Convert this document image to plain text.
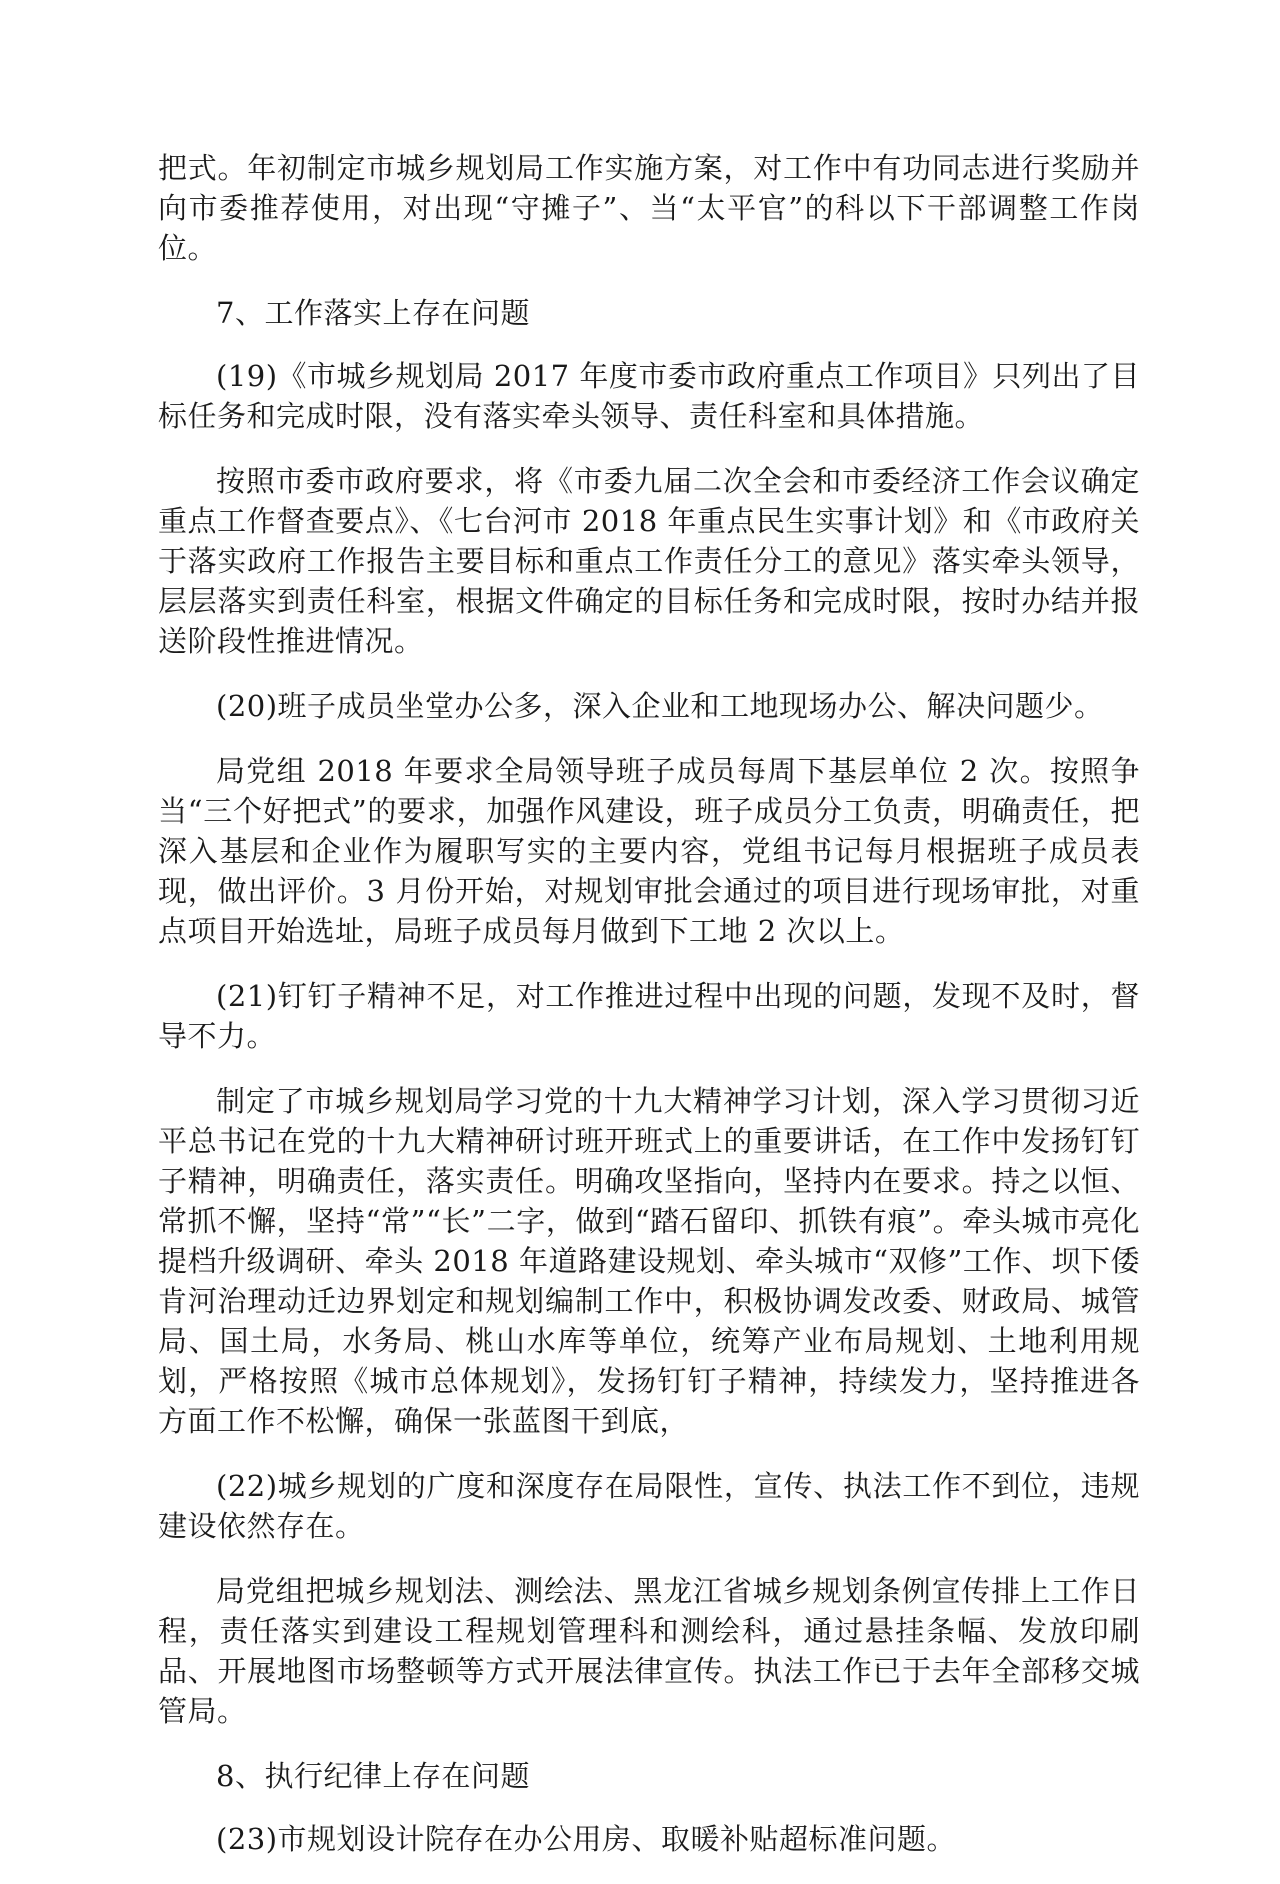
把式。年初制定市城乡规划局工作实施方案，对工作中有功同志进行奖励并向市委推荐使用，对出现“守摊子”、当“太平官”的科以下干部调整工作岗位。

7、工作落实上存在问题

(19)《市城乡规划局 2017 年度市委市政府重点工作项目》只列出了目标任务和完成时限，没有落实牵头领导、责任科室和具体措施。

按照市委市政府要求，将《市委九届二次全会和市委经济工作会议确定重点工作督查要点》、《七台河市 2018 年重点民生实事计划》和《市政府关于落实政府工作报告主要目标和重点工作责任分工的意见》落实牵头领导，层层落实到责任科室，根据文件确定的目标任务和完成时限，按时办结并报送阶段性推进情况。

(20)班子成员坐堂办公多，深入企业和工地现场办公、解决问题少。

局党组 2018 年要求全局领导班子成员每周下基层单位 2 次。按照争当“三个好把式”的要求，加强作风建设，班子成员分工负责，明确责任，把深入基层和企业作为履职写实的主要内容，党组书记每月根据班子成员表现，做出评价。3 月份开始，对规划审批会通过的项目进行现场审批，对重点项目开始选址，局班子成员每月做到下工地 2 次以上。

(21)钉钉子精神不足，对工作推进过程中出现的问题，发现不及时，督导不力。

制定了市城乡规划局学习党的十九大精神学习计划，深入学习贯彻习近平总书记在党的十九大精神研讨班开班式上的重要讲话，在工作中发扬钉钉子精神，明确责任，落实责任。明确攻坚指向，坚持内在要求。持之以恒、常抓不懈，坚持“常”“长”二字，做到“踏石留印、抓铁有痕”。牵头城市亮化提档升级调研、牵头 2018 年道路建设规划、牵头城市“双修”工作、坝下倭肯河治理动迁边界划定和规划编制工作中，积极协调发改委、财政局、城管局、国土局，水务局、桃山水库等单位，统筹产业布局规划、土地利用规划，严格按照《城市总体规划》，发扬钉钉子精神，持续发力，坚持推进各方面工作不松懈，确保一张蓝图干到底，

(22)城乡规划的广度和深度存在局限性，宣传、执法工作不到位，违规建设依然存在。

局党组把城乡规划法、测绘法、黑龙江省城乡规划条例宣传排上工作日程，责任落实到建设工程规划管理科和测绘科，通过悬挂条幅、发放印刷品、开展地图市场整顿等方式开展法律宣传。执法工作已于去年全部移交城管局。

8、执行纪律上存在问题

(23)市规划设计院存在办公用房、取暖补贴超标准问题。
